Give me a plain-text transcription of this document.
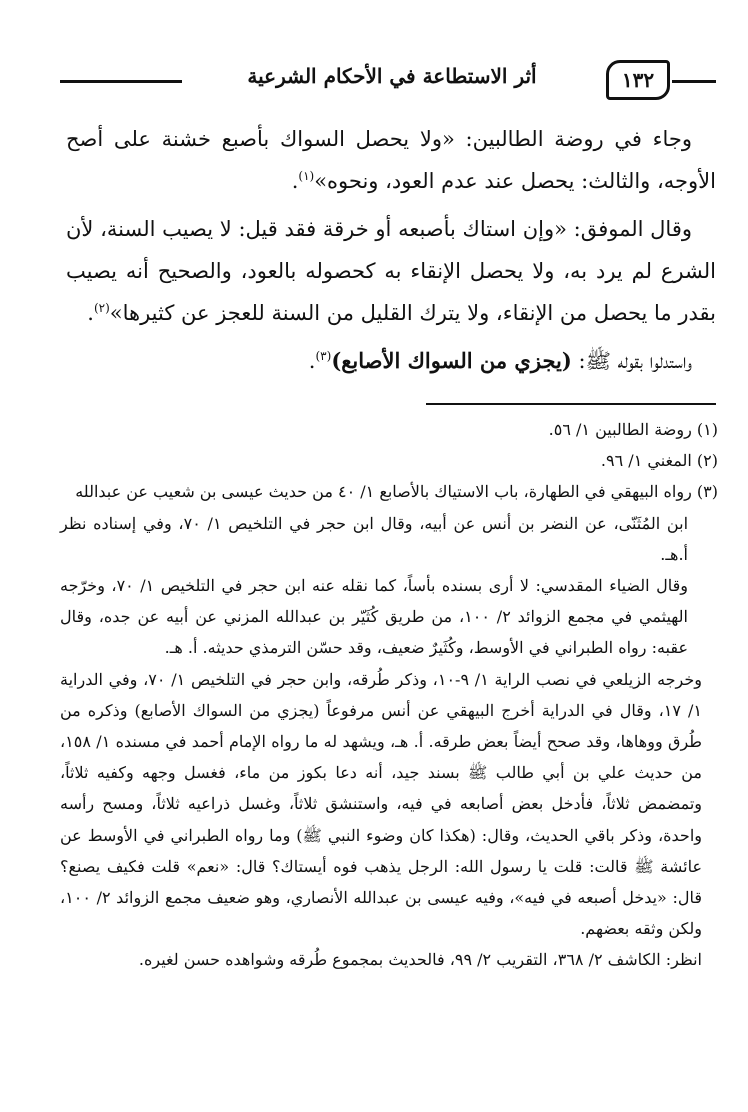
أثر الاستطاعة في الأحكام الشرعية	١٣٢

وجاء في روضة الطالبين: «ولا يحصل السواك بأصبع خشنة على أصح الأوجه، والثالث: يحصل عند عدم العود، ونحوه»$^{(١)}$.

وقال الموفق: «وإن استاك بأصبعه أو خرقة فقد قيل: لا يصيب السنة، لأن الشرع لم يرد به، ولا يحصل الإنقاء به كحصوله بالعود، والصحيح أنه يصيب بقدر ما يحصل من الإنقاء، ولا يترك القليل من السنة للعجز عن كثيرها»$^{(٢)}$.

واستدلوا بقوله ﷺ: (يجزي من السواك الأصابع)$^{(٣)}$.

(١) روضة الطالبين ١/ ٥٦.

(٢) المغني ١/ ٩٦.

(٣) رواه البيهقي في الطهارة، باب الاستياك بالأصابع ١/ ٤٠ من حديث عيسى بن شعيب عن عبدالله

ابن المُثَنّى، عن النضر بن أنس عن أبيه، وقال ابن حجر في التلخيص ١/ ٧٠، وفي إسناده نظر أ.هـ.

وقال الضياء المقدسي: لا أرى بسنده بأساً، كما نقله عنه ابن حجر في التلخيص ١/ ٧٠، وخرّجه الهيثمي في مجمع الزوائد ٢/ ١٠٠، من طريق كُثَيّر بن عبدالله المزني عن أبيه عن جده، وقال عقبه: رواه الطبراني في الأوسط، وكُثَيرٌ ضعيف، وقد حسّن الترمذي حديثه. أ. هـ.

وخرجه الزيلعي في نصب الراية ١/ ٩-١٠، وذكر طُرقه، وابن حجر في التلخيص ١/ ٧٠، وفي الدراية ١/ ١٧، وقال في الدراية أخرج البيهقي عن أنس مرفوعاً (يجزي من السواك الأصابع) وذكره من طُرق ووهاها، وقد صحح أيضاً بعض طرقه. أ. هـ، ويشهد له ما رواه الإمام أحمد في مسنده ١/ ١٥٨، من حديث علي بن أبي طالب ﷺ بسند جيد، أنه دعا بكوز من ماء، فغسل وجهه وكفيه ثلاثاً، وتمضمض ثلاثاً، فأدخل بعض أصابعه في فيه، واستنشق ثلاثاً، وغسل ذراعيه ثلاثاً، ومسح رأسه واحدة، وذكر باقي الحديث، وقال: (هكذا كان وضوء النبي ﷺ) وما رواه الطبراني في الأوسط عن عائشة ﷺ قالت: قلت يا رسول الله: الرجل يذهب فوه أيستاك؟ قال: «نعم» قلت فكيف يصنع؟ قال: «يدخل أصبعه في فيه»، وفيه عيسى بن عبدالله الأنصاري، وهو ضعيف مجمع الزوائد ٢/ ١٠٠، ولكن وثقه بعضهم.

انظر: الكاشف ٢/ ٣٦٨، التقريب ٢/ ٩٩، فالحديث بمجموع طُرقه وشواهده حسن لغيره.
